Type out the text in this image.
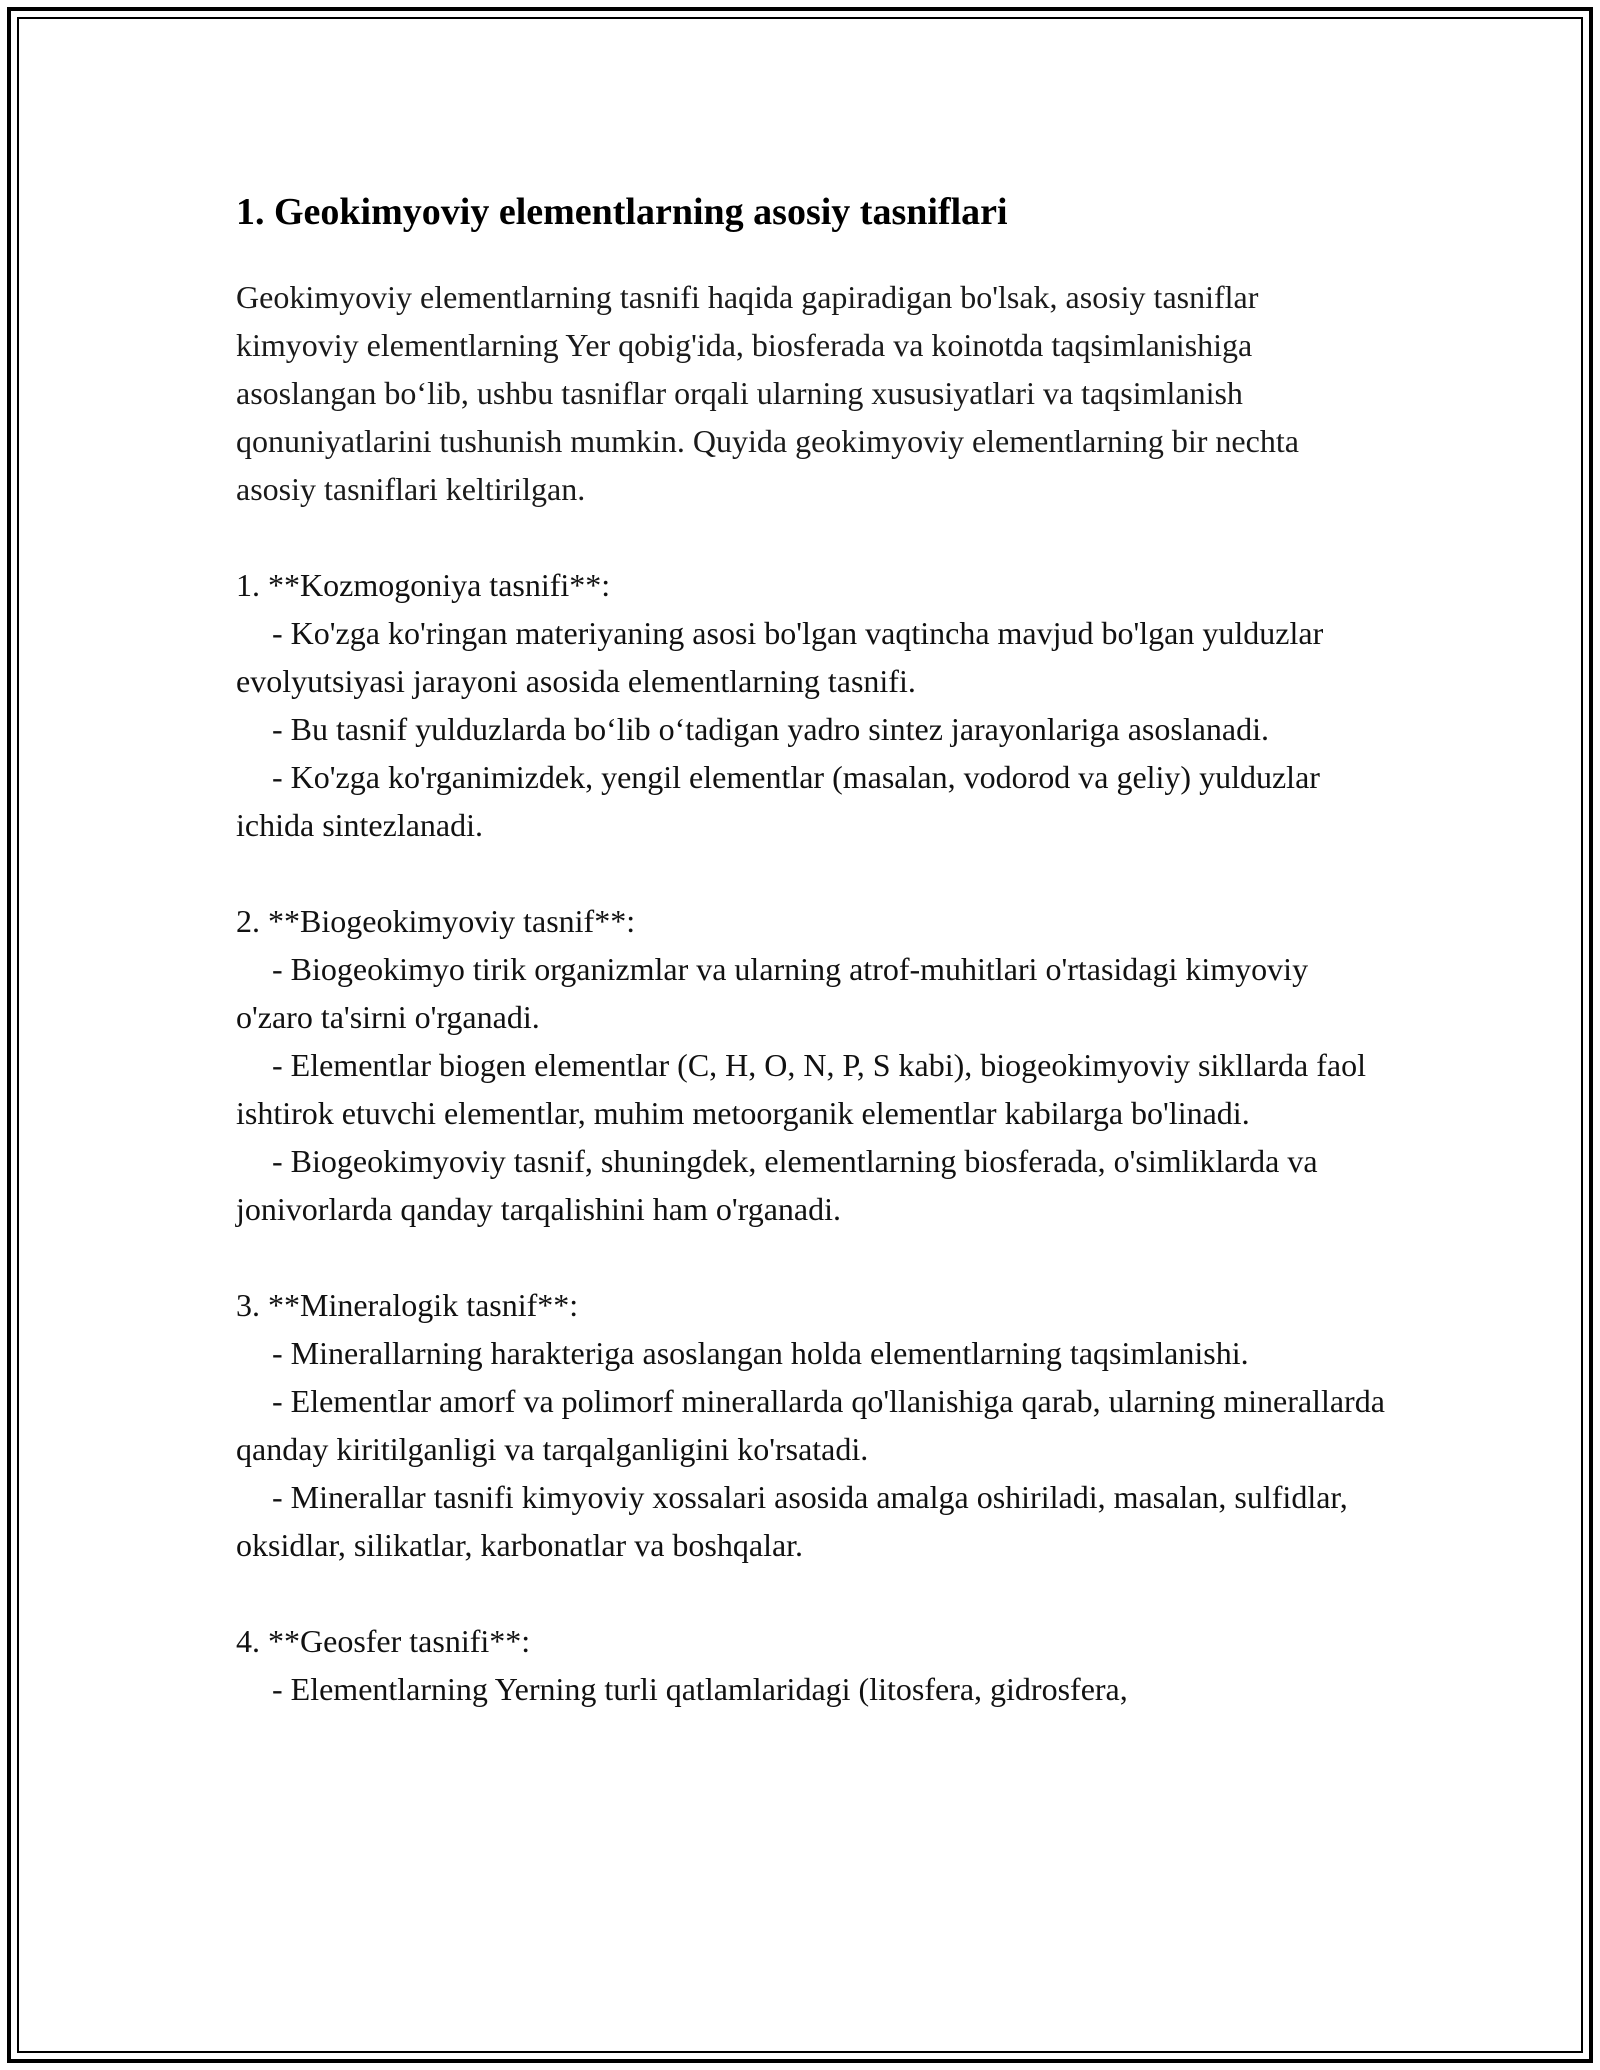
1. Geokimyoviy elementlarning asosiy tasniflari

Geokimyoviy elementlarning tasnifi haqida gapiradigan bo'lsak, asosiy tasniflar kimyoviy elementlarning Yer qobig'ida, biosferada va koinotda taqsimlanishiga asoslangan bo‘lib, ushbu tasniflar orqali ularning xususiyatlari va taqsimlanish qonuniyatlarini tushunish mumkin. Quyida geokimyoviy elementlarning bir nechta asosiy tasniflari keltirilgan.

1. **Kozmogoniya tasnifi**:

- Ko'zga ko'ringan materiyaning asosi bo'lgan vaqtincha mavjud bo'lgan yulduzlar evolyutsiyasi jarayoni asosida elementlarning tasnifi.

- Bu tasnif yulduzlarda bo‘lib o‘tadigan yadro sintez jarayonlariga asoslanadi.

- Ko'zga ko'rganimizdek, yengil elementlar (masalan, vodorod va geliy) yulduzlar ichida sintezlanadi.

2. **Biogeokimyoviy tasnif**:

- Biogeokimyo tirik organizmlar va ularning atrof-muhitlari o'rtasidagi kimyoviy o'zaro ta'sirni o'rganadi.

- Elementlar biogen elementlar (C, H, O, N, P, S kabi), biogeokimyoviy sikllarda faol ishtirok etuvchi elementlar, muhim metoorganik elementlar kabilarga bo'linadi.

- Biogeokimyoviy tasnif, shuningdek, elementlarning biosferada, o'simliklarda va jonivorlarda qanday tarqalishini ham o'rganadi.

3. **Mineralogik tasnif**:

- Minerallarning harakteriga asoslangan holda elementlarning taqsimlanishi.

- Elementlar amorf va polimorf minerallarda qo'llanishiga qarab, ularning minerallarda qanday kiritilganligi va tarqalganligini ko'rsatadi.

- Minerallar tasnifi kimyoviy xossalari asosida amalga oshiriladi, masalan, sulfidlar, oksidlar, silikatlar, karbonatlar va boshqalar.

4. **Geosfer tasnifi**:

- Elementlarning Yerning turli qatlamlaridagi (litosfera, gidrosfera,
